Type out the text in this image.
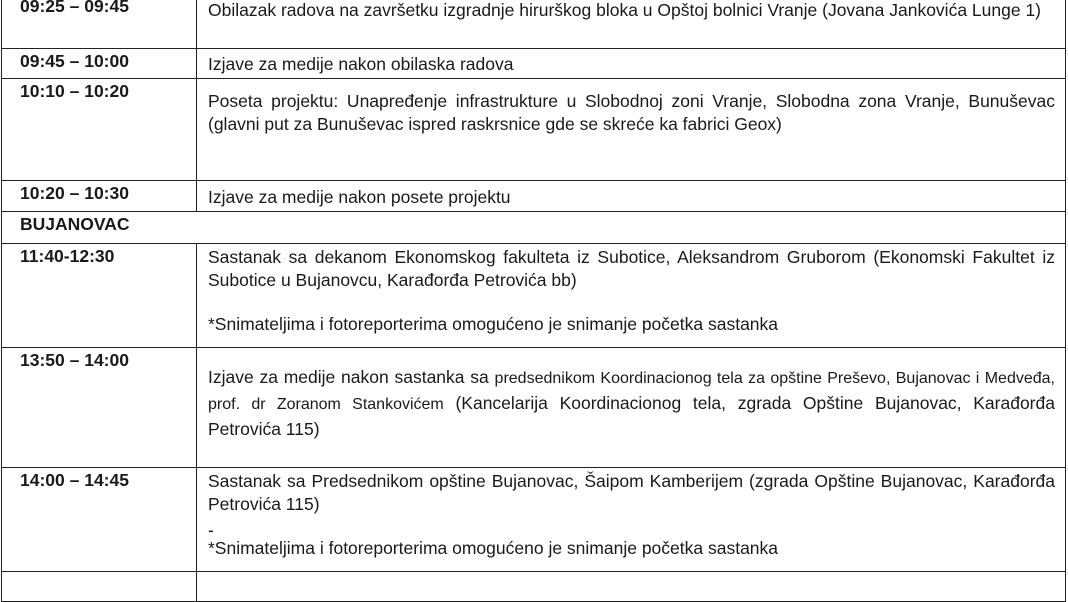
09:25 – 09:45	Obilazak radova na završetku izgradnje hirurškog bloka u Opštoj bolnici Vranje (Jovana Jankovića Lunge 1)
09:45 – 10:00	Izjave za medije nakon obilaska radova
10:10 – 10:20	Poseta projektu: Unapređenje infrastrukture u Slobodnoj zoni Vranje, Slobodna zona Vranje, Bunuševac (glavni put za Bunuševac ispred raskrsnice gde se skreće ka fabrici Geox)
10:20 – 10:30	Izjave za medije nakon posete projektu
BUJANOVAC	
11:40-12:30	Sastanak sa dekanom Ekonomskog fakulteta iz Subotice, Aleksandrom Gruborom (Ekonomski Fakultet iz Subotice u Bujanovcu, Karađorđa Petrovića bb)
*Snimateljima i fotoreporterima omogućeno je snimanje početka sastanka

13:50 – 14:00	Izjave za medije nakon sastanka sa predsednikom Koordinacionog tela za opštine Preševo, Bujanovac i Medveđa, prof. dr Zoranom Stankovićem (Kancelarija Koordinacionog tela, zgrada Opštine Bujanovac, Karađorđa Petrovića 115)
14:00 – 14:45	Sastanak sa Predsednikom opštine Bujanovac, Šaipom Kamberijem (zgrada Opštine Bujanovac, Karađorđa Petrovića 115)
-
*Snimateljima i fotoreporterima omogućeno je snimanje početka sastanka
